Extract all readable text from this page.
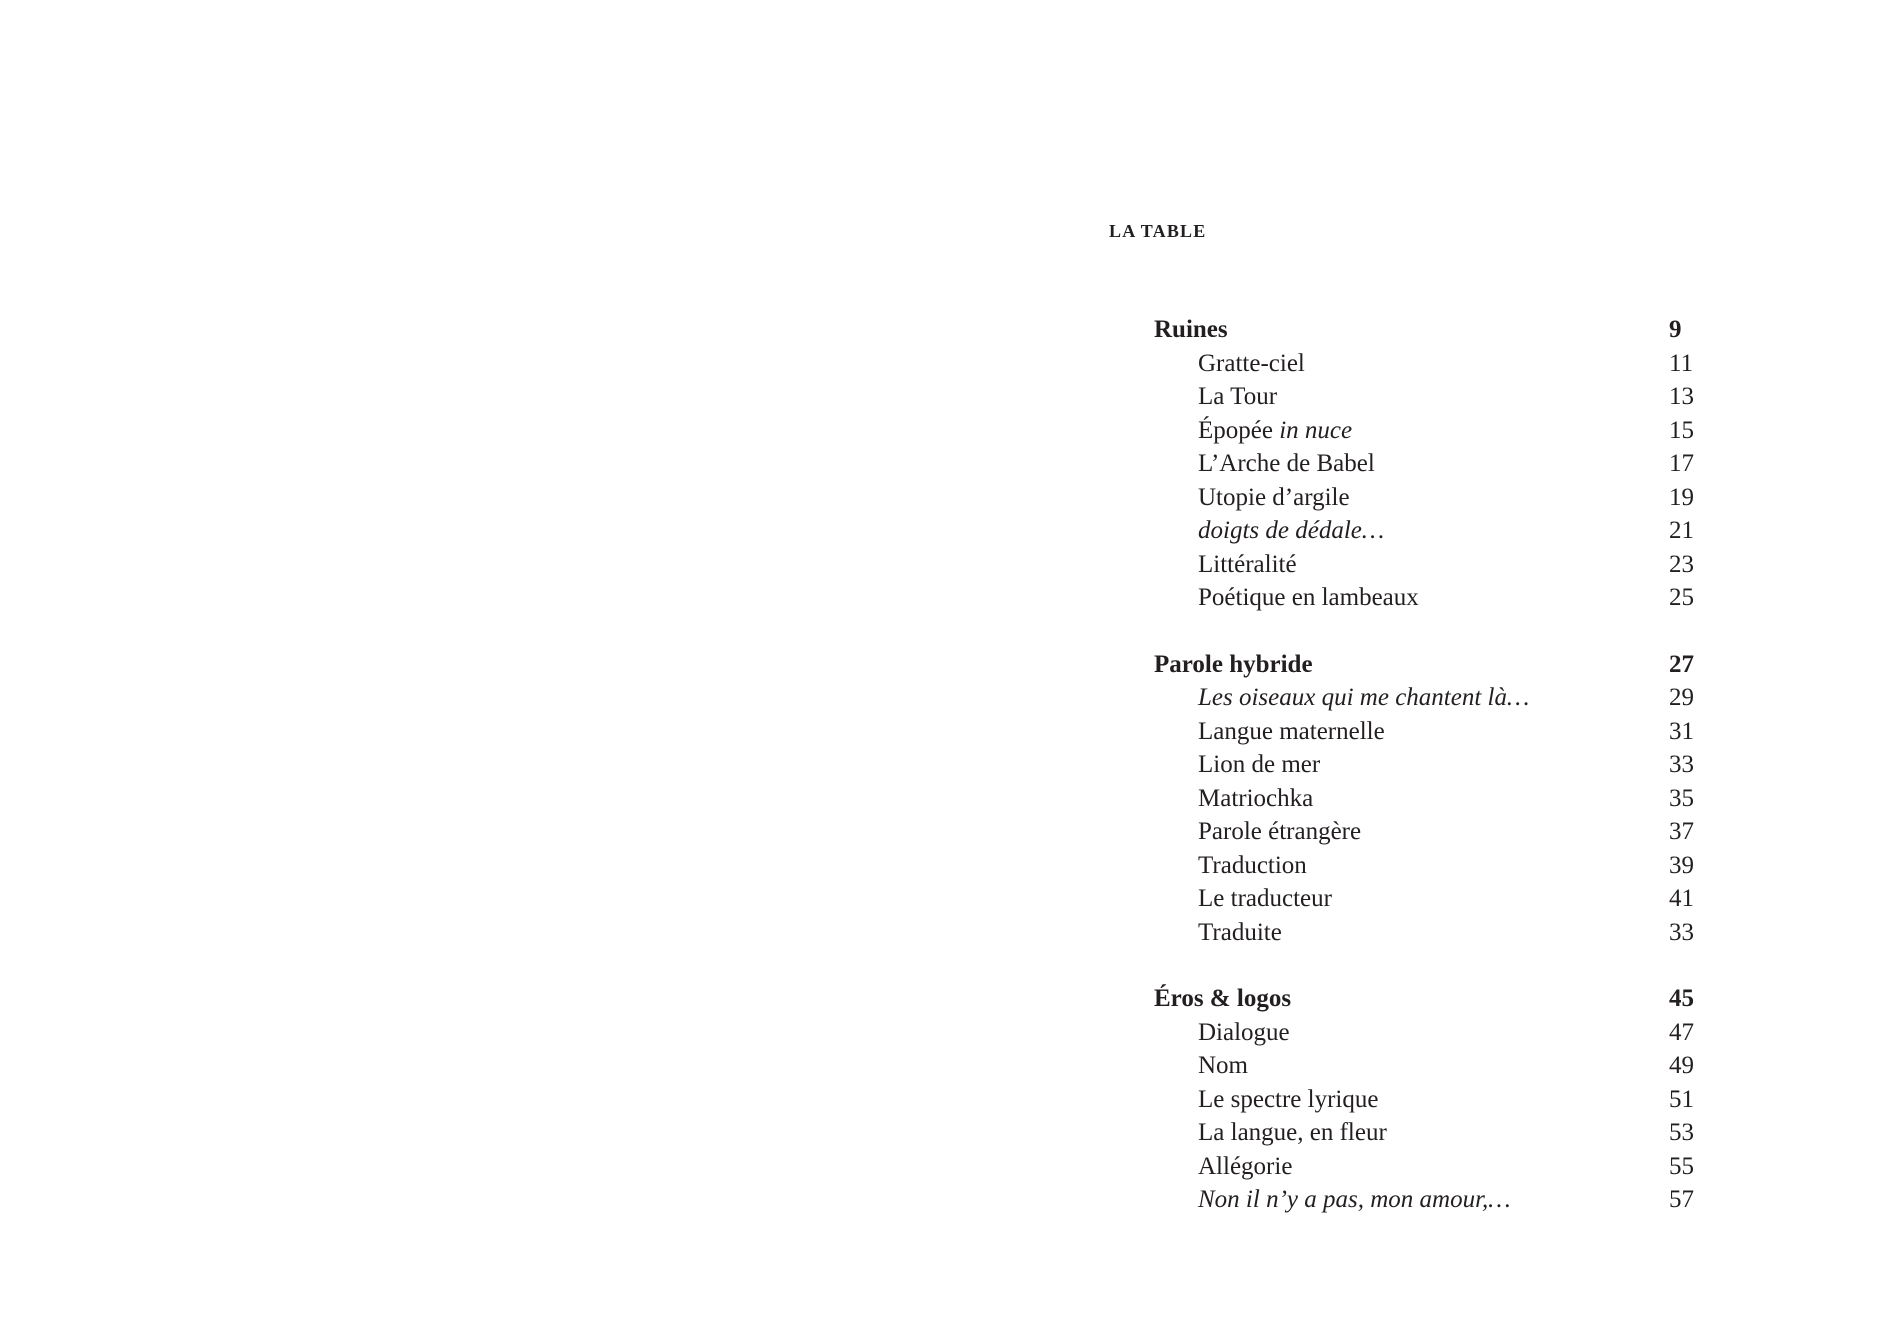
LA TABLE
Ruines	9
Gratte-ciel	11
La Tour	13
Épopée in nuce	15
L’Arche de Babel	17
Utopie d’argile	19
doigts de dédale…	21
Littéralité	23
Poétique en lambeaux	25
Parole hybride	27
Les oiseaux qui me chantent là…	29
Langue maternelle	31
Lion de mer	33
Matriochka	35
Parole étrangère	37
Traduction	39
Le traducteur	41
Traduite	33
Éros & logos	45
Dialogue	47
Nom	49
Le spectre lyrique	51
La langue, en fleur	53
Allégorie	55
Non il n’y a pas, mon amour,…	57
